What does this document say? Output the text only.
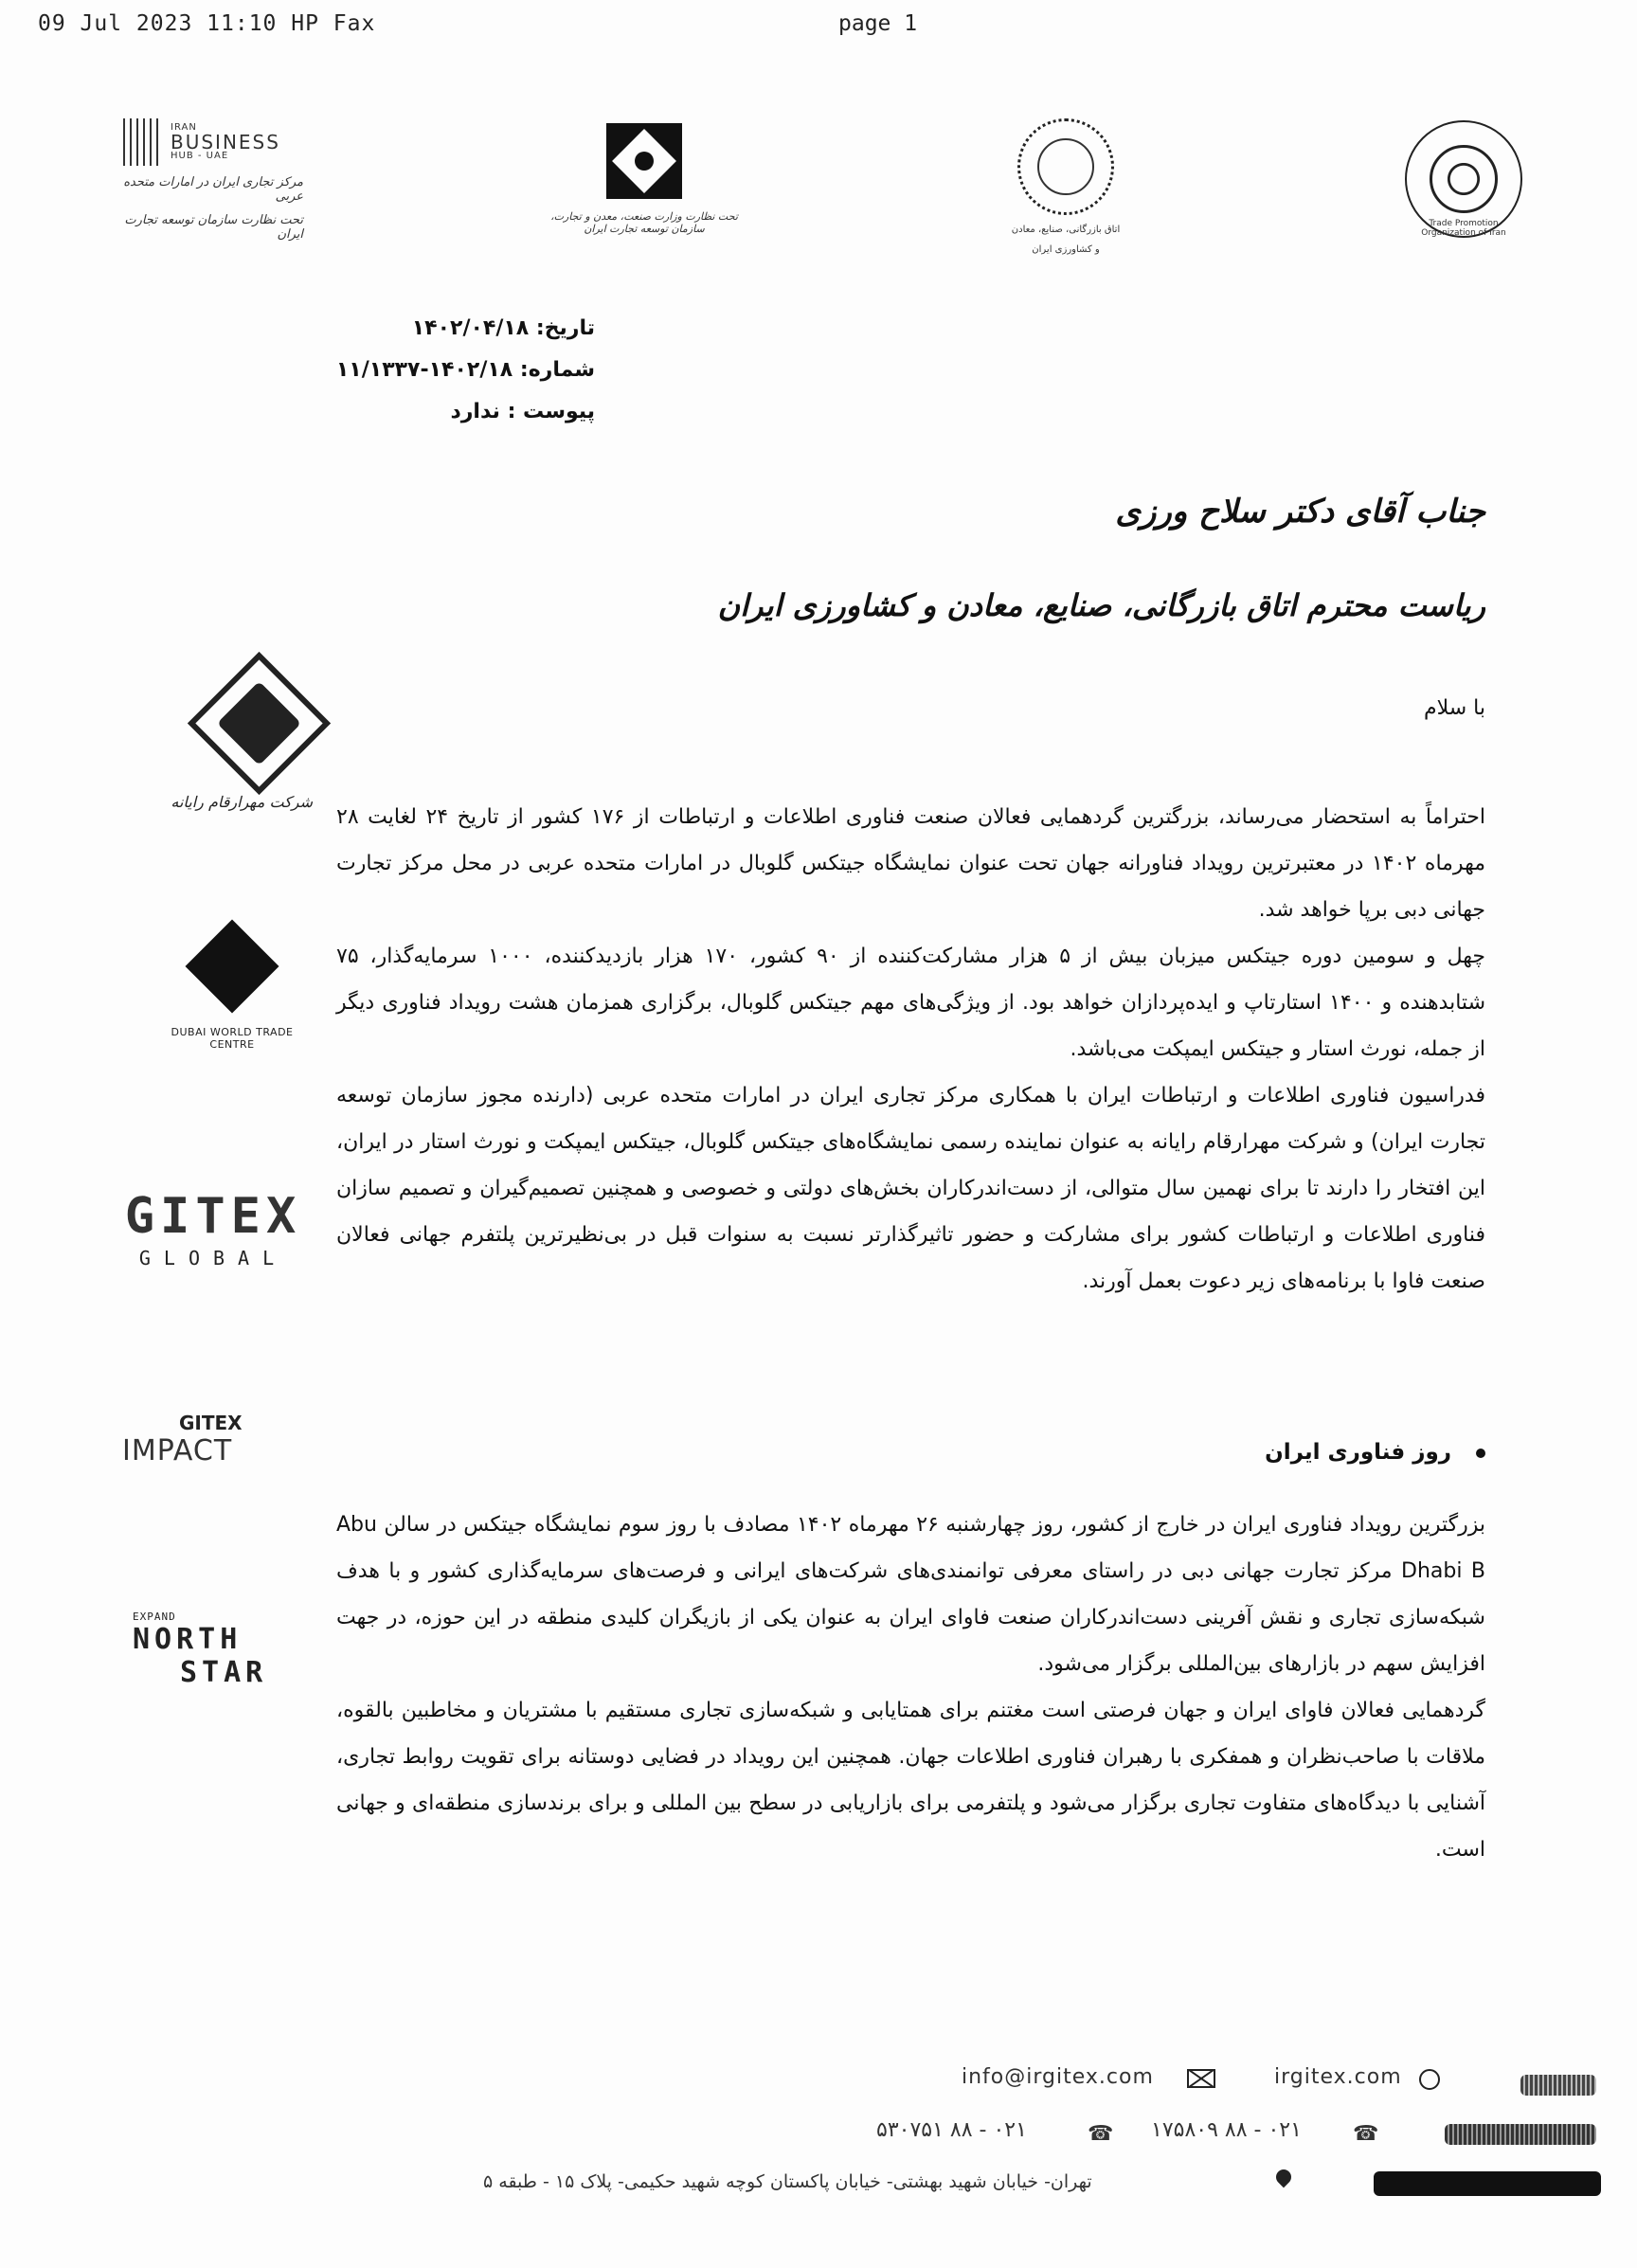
09 Jul 2023 11:10 HP Fax	page 1
IRAN
BUSINESS
HUB - UAE
مرکز تجاری ایران در امارات متحده عربی
تحت نظارت سازمان توسعه تجارت ایران
تحت نظارت وزارت صنعت، معدن و تجارت، سازمان توسعه تجارت ایران	اتاق بازرگانی، صنایع، معادن
و کشاورزی ایران
Trade Promotion Organization of Iran
تاریخ: ۱۴۰۲/۰۴/۱۸
شماره: ۱۴۰۲/۱۸-۱۱/۱۳۳۷
پیوست : ندارد
جناب آقای دکتر سلاح ورزی
ریاست محترم اتاق بازرگانی، صنایع، معادن و کشاورزی ایران
با سلام

احتراماً به استحضار می‌رساند، بزرگترین گردهمایی فعالان صنعت فناوری اطلاعات و ارتباطات از ۱۷۶ کشور از تاریخ ۲۴ لغایت ۲۸ مهرماه ۱۴۰۲ در معتبرترین رویداد فناورانه جهان تحت عنوان نمایشگاه جیتکس گلوبال در امارات متحده عربی در محل مرکز تجارت جهانی دبی برپا خواهد شد.

چهل و سومین دوره جیتکس میزبان بیش از ۵ هزار مشارکت‌کننده از ۹۰ کشور، ۱۷۰ هزار بازدیدکننده، ۱۰۰۰ سرمایه‌گذار، ۷۵ شتابدهنده و ۱۴۰۰ استارتاپ و ایده‌پردازان خواهد بود. از ویژگی‌های مهم جیتکس گلوبال، برگزاری همزمان هشت رویداد فناوری دیگر از جمله، نورث استار و جیتکس ایمپکت می‌باشد.

فدراسیون فناوری اطلاعات و ارتباطات ایران با همکاری مرکز تجاری ایران در امارات متحده عربی (دارنده مجوز سازمان توسعه تجارت ایران) و شرکت مهرارقام رایانه به عنوان نماینده رسمی نمایشگاه‌های جیتکس گلوبال، جیتکس ایمپکت و نورث استار در ایران، این افتخار را دارند تا برای نهمین سال متوالی، از دست‌اندرکاران بخش‌های دولتی و خصوصی و همچنین تصمیم‌گیران و تصمیم سازان فناوری اطلاعات و ارتباطات کشور برای مشارکت و حضور تاثیرگذارتر نسبت به سنوات قبل در بی‌نظیرترین پلتفرم جهانی فعالان صنعت فاوا با برنامه‌های زیر دعوت بعمل آورند.

روز فناوری ایران

بزرگترین رویداد فناوری ایران در خارج از کشور، روز چهارشنبه ۲۶ مهرماه ۱۴۰۲ مصادف با روز سوم نمایشگاه جیتکس در سالن Abu Dhabi B مرکز تجارت جهانی دبی در راستای معرفی توانمندی‌های شرکت‌های ایرانی و فرصت‌های سرمایه‌گذاری کشور و با هدف شبکه‌سازی تجاری و نقش آفرینی دست‌اندرکاران صنعت فاوای ایران به عنوان یکی از بازیگران کلیدی منطقه در این حوزه، در جهت افزایش سهم در بازارهای بین‌المللی برگزار می‌شود.

گردهمایی فعالان فاوای ایران و جهان فرصتی است مغتنم برای همتایابی و شبکه‌سازی تجاری مستقیم با مشتریان و مخاطبین بالقوه، ملاقات با صاحب‌نظران و همفکری با رهبران فناوری اطلاعات جهان. همچنین این رویداد در فضایی دوستانه برای تقویت روابط تجاری، آشنایی با دیدگاه‌های متفاوت تجاری برگزار می‌شود و پلتفرمی برای بازاریابی در سطح بین المللی و برای برندسازی منطقه‌ای و جهانی است.

شرکت مهرارقام رایانه
DUBAI WORLD TRADE CENTRE
GITEX
GLOBAL
GITEX
IMPACT
EXPAND
NORTH
STAR
info@irgitex.com	irgitex.com
۰۲۱ - ۸۸ ۵۳۰۷۵۱	☎ ۰۲۱ - ۸۸ ۱۷۵۸۰۹ ☎
تهران- خیابان شهید بهشتی- خیابان پاکستان کوچه شهید حکیمی- پلاک ۱۵ - طبقه ۵
